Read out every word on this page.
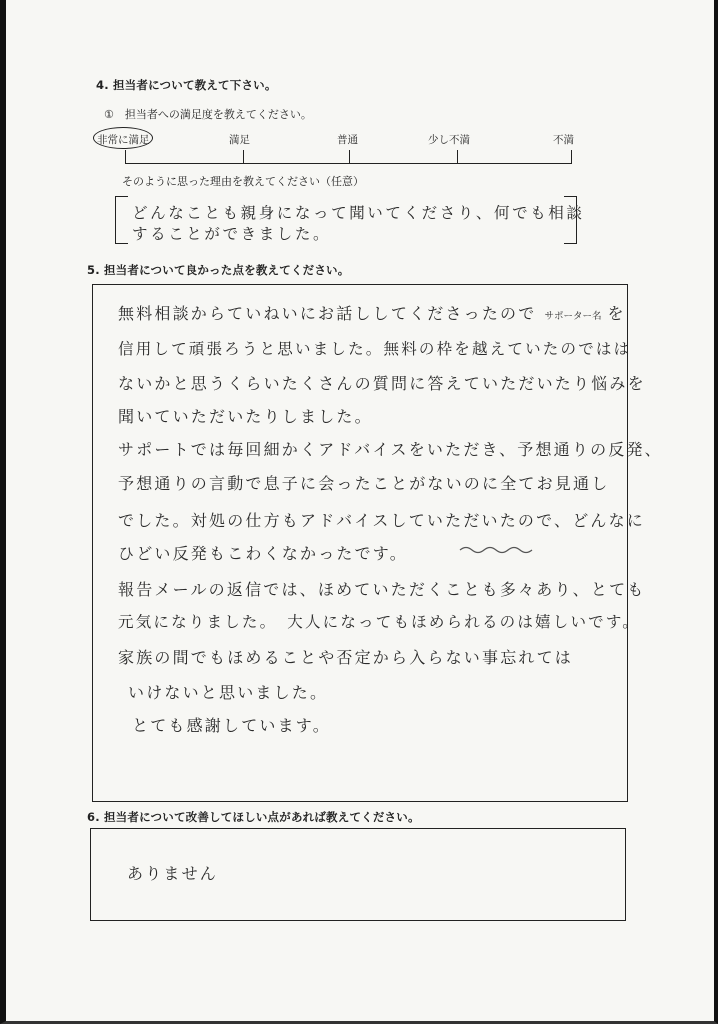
4. 担当者について教えて下さい。
①　担当者への満足度を教えてください。
非常に満足	満足	普通	少し不満	不満
そのように思った理由を教えてください（任意）
どんなことも親身になって聞いてくださり、何でも相談
することができました。
5. 担当者について良かった点を教えてください。
無料相談からていねいにお話ししてくださったので サポーター名 を
信用して頑張ろうと思いました。無料の枠を越えていたのではは
ないかと思うくらいたくさんの質問に答えていただいたり悩みを
聞いていただいたりしました。
サポートでは毎回細かくアドバイスをいただき、予想通りの反発、
予想通りの言動で息子に会ったことがないのに全てお見通し
でした。対処の仕方もアドバイスしていただいたので、どんなに
ひどい反発もこわくなかったです。
報告メールの返信では、ほめていただくことも多々あり、とても
元気になりました。　大人になってもほめられるのは嬉しいです。
家族の間でもほめることや否定から入らない事忘れては
いけないと思いました。
とても感謝しています。
6. 担当者について改善してほしい点があれば教えてください。
ありません
